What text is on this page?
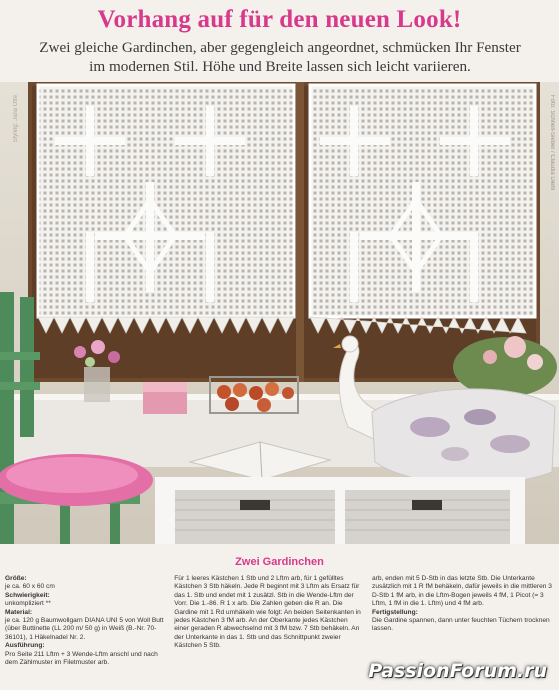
Vorhang auf für den neuen Look!
Zwei gleiche Gardinchen, aber gegengleich angeordnet, schmücken Ihr Fenster im modernen Stil. Höhe und Breite lassen sich leicht variieren.
Foto: Schnell-Sieber / Claudia Diehl
Styling: Jana Otte
Zwei Gardinchen
Größe:
je ca. 60 x 60 cm
Schwierigkeit:
unkompliziert **
Material:
je ca. 120 g Baumwollgarn DIANA UNI 5 von Woll Butt (über Buttinette (LL 200 m/ 50 g) in Weiß (B.-Nr. 70-36101), 1 Häkelnadel Nr. 2.
Ausführung:
Pro Seite 211 Lftm + 3 Wende-Lftm anschl und nach dem Zählmuster im Filetmuster arb.
Für 1 leeres Kästchen 1 Stb und 2 Lftm arb, für 1 gefülltes Kästchen 3 Stb häkeln. Jede R beginnt mit 3 Lftm als Ersatz für das 1. Stb und endet mit 1 zusätzl. Stb in die Wende-Lftm der Vorr. Die 1.-86. R 1 x arb. Die Zahlen geben die R an. Die Gardine mit 1 Rd umhäkeln wie folgt: An beiden Seitenkanten in jedes Kästchen 3 fM arb. An der Oberkante jedes Kästchen einer geraden R abwechselnd mit 3 fM bzw. 7 Stb behäkeln. An der Unterkante in das 1. Stb und das Schnittpunkt zweier Kästchen 5 Stb.
arb, enden mit 5 D-Stb in das letzte Stb. Die Unterkante zusätzlich mit 1 R fM behäkeln, dafür jeweils in die mittleren 3 D-Stb 1 fM arb, in die Lftm-Bogen jeweils 4 fM, 1 Picot (= 3 Lftm, 1 fM in die 1. Lftm) und 4 fM arb.
Fertigstellung:
Die Gardine spannen, dann unter feuchten Tüchern trocknen lassen.
PassionForum.ru
